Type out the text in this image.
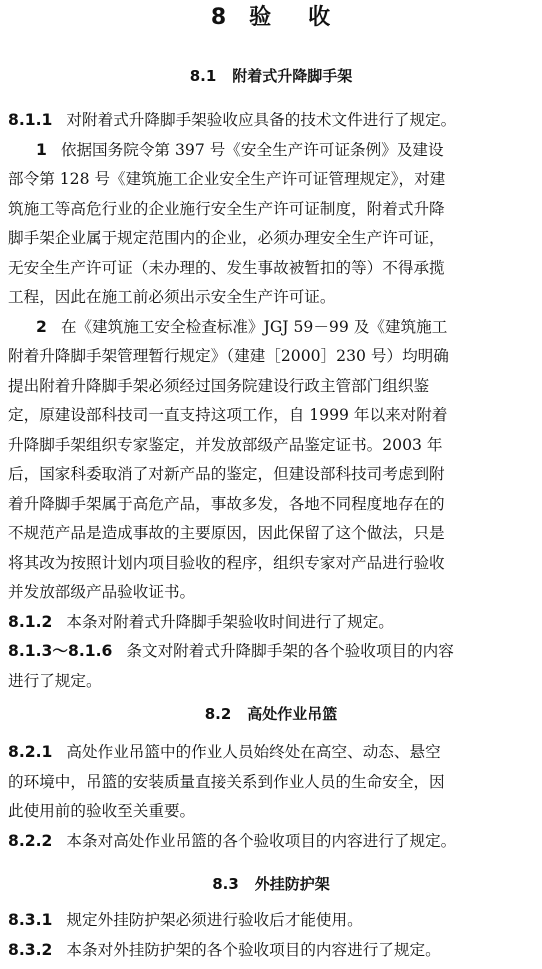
8 验 收
8.1 附着式升降脚手架
8.1.1 对附着式升降脚手架验收应具备的技术文件进行了规定。
1 依据国务院令第 397 号《安全生产许可证条例》及建设
部令第 128 号《建筑施工企业安全生产许可证管理规定》，对建
筑施工等高危行业的企业施行安全生产许可证制度，附着式升降
脚手架企业属于规定范围内的企业，必须办理安全生产许可证，
无安全生产许可证（未办理的、发生事故被暂扣的等）不得承揽
工程，因此在施工前必须出示安全生产许可证。
2 在《建筑施工安全检查标准》JGJ 59－99 及《建筑施工
附着升降脚手架管理暂行规定》（建建［2000］230 号）均明确
提出附着升降脚手架必须经过国务院建设行政主管部门组织鉴
定，原建设部科技司一直支持这项工作，自 1999 年以来对附着
升降脚手架组织专家鉴定，并发放部级产品鉴定证书。2003 年
后，国家科委取消了对新产品的鉴定，但建设部科技司考虑到附
着升降脚手架属于高危产品，事故多发，各地不同程度地存在的
不规范产品是造成事故的主要原因，因此保留了这个做法，只是
将其改为按照计划内项目验收的程序，组织专家对产品进行验收
并发放部级产品验收证书。
8.1.2 本条对附着式升降脚手架验收时间进行了规定。
8.1.3～8.1.6 条文对附着式升降脚手架的各个验收项目的内容
进行了规定。
8.2 高处作业吊篮
8.2.1 高处作业吊篮中的作业人员始终处在高空、动态、悬空
的环境中，吊篮的安装质量直接关系到作业人员的生命安全，因
此使用前的验收至关重要。
8.2.2 本条对高处作业吊篮的各个验收项目的内容进行了规定。
8.3 外挂防护架
8.3.1 规定外挂防护架必须进行验收后才能使用。
8.3.2 本条对外挂防护架的各个验收项目的内容进行了规定。
